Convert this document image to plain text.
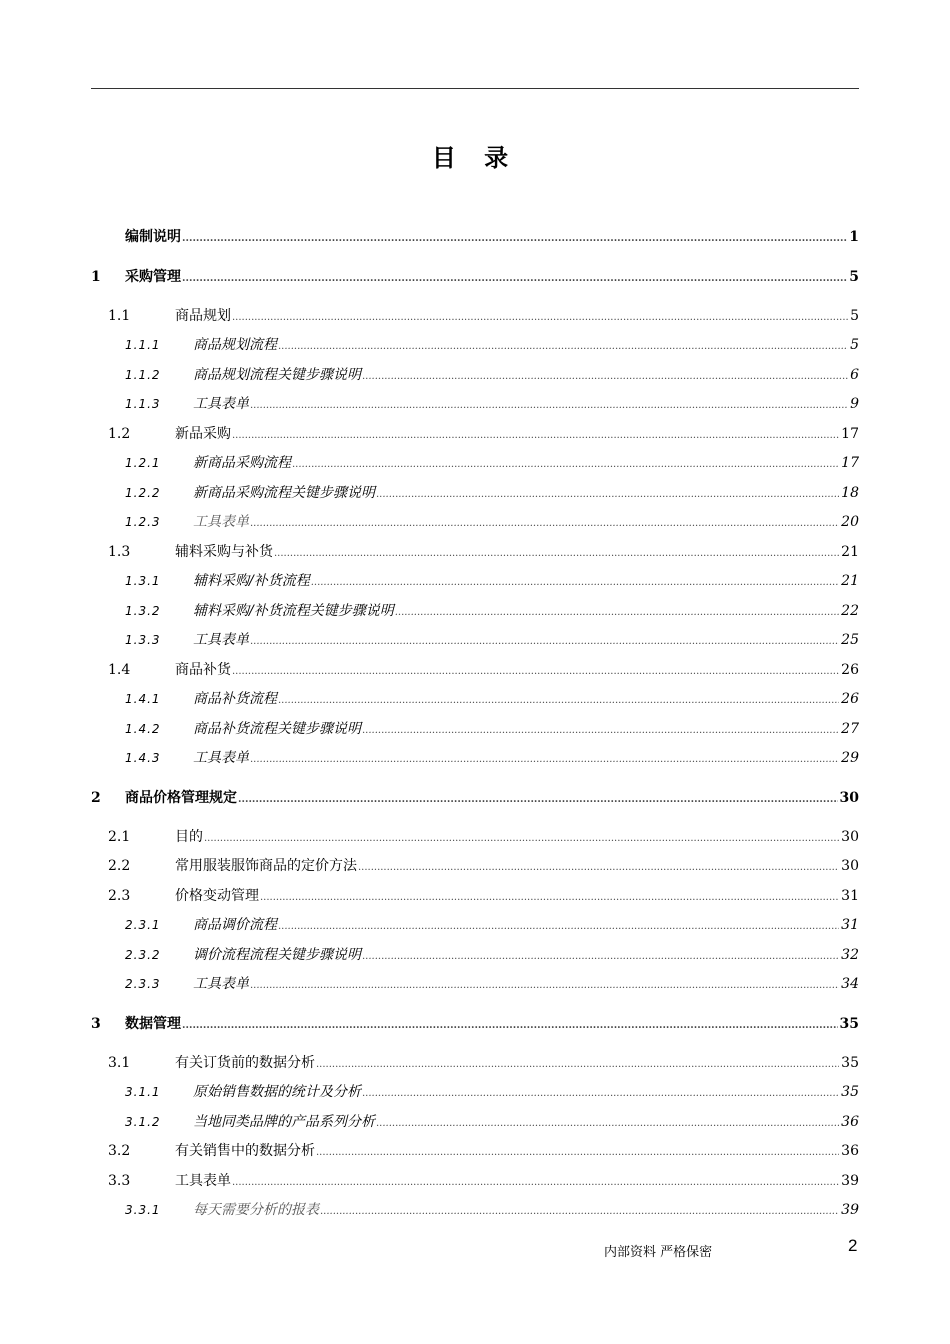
目 录
编制说明 .....	1
1	采购管理 .....	5
1.1	商品规划 .....	5
1.1.1	商品规划流程 .....	5
1.1.2	商品规划流程关键步骤说明 .....	6
1.1.3	工具表单 .....	9
1.2	新品采购 .....	17
1.2.1	新商品采购流程 .....	17
1.2.2	新商品采购流程关键步骤说明 .....	18
1.2.3	工具表单 .....	20
1.3	辅料采购与补货 .....	21
1.3.1	辅料采购/补货流程 .....	21
1.3.2	辅料采购/补货流程关键步骤说明 .....	22
1.3.3	工具表单 .....	25
1.4	商品补货 .....	26
1.4.1	商品补货流程 .....	26
1.4.2	商品补货流程关键步骤说明 .....	27
1.4.3	工具表单 .....	29
2	商品价格管理规定 .....	30
2.1	目的 .....	30
2.2	常用服装服饰商品的定价方法 .....	30
2.3	价格变动管理 .....	31
2.3.1	商品调价流程 .....	31
2.3.2	调价流程流程关键步骤说明 .....	32
2.3.3	工具表单 .....	34
3	数据管理 .....	35
3.1	有关订货前的数据分析 .....	35
3.1.1	原始销售数据的统计及分析 .....	35
3.1.2	当地同类品牌的产品系列分析 .....	36
3.2	有关销售中的数据分析 .....	36
3.3	工具表单 .....	39
3.3.1	每天需要分析的报表 .....	39
内部资料 严格保密	2
